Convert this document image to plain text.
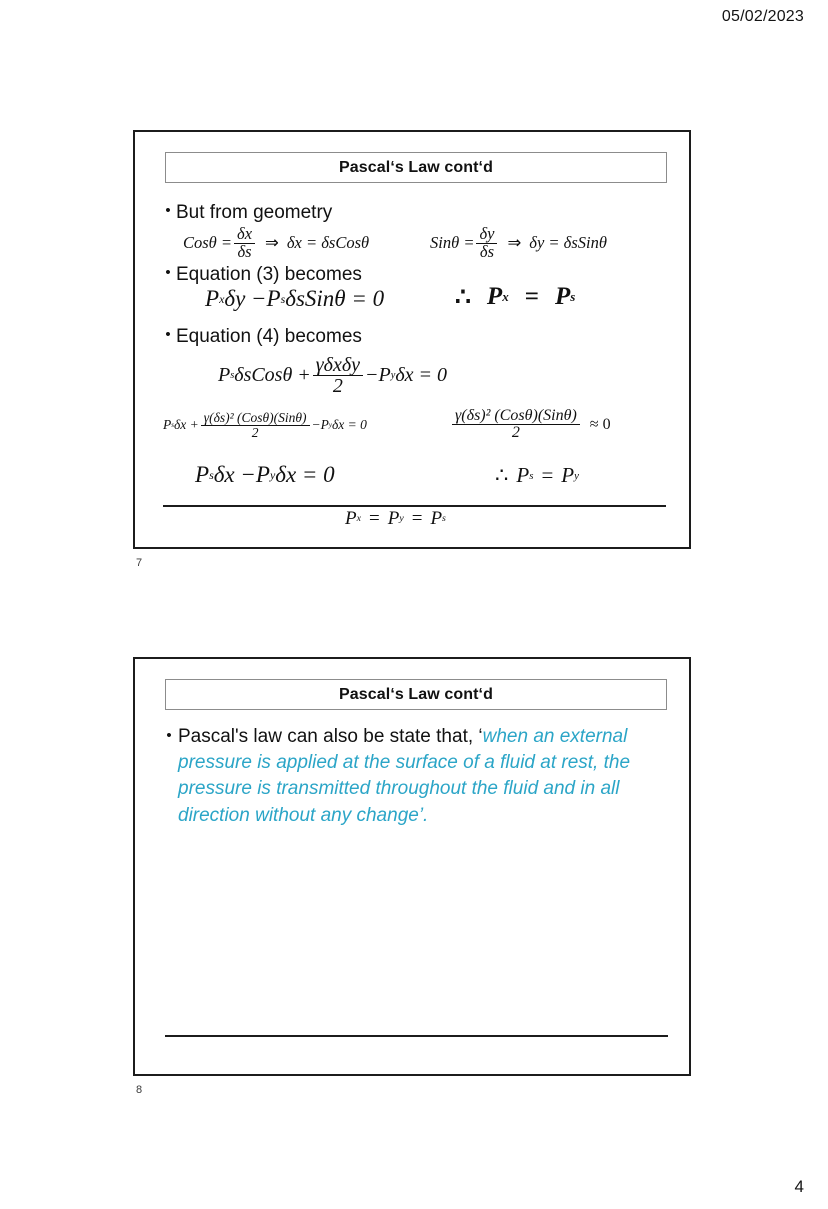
05/02/2023
4
Pascal‘s Law cont‘d
• But from geometry
• Equation (3) becomes
• Equation (4) becomes
$Cos\theta = \frac{\delta x}{\delta s}$ ⇒ δx = δsCosθ	$Sin\theta = \frac{\delta y}{\delta s}$ ⇒ δy = δsSinθ
P x δy − P s δsSinθ = 0	∴ P x = P s
P s δsCosθ + $\frac{\text{γδxδy}}{2} - P$ y δx = 0
P s $\delta x + \frac{\text{γ(δs)² (Cosθ)(Sinθ)}}{2} - P$ y δx = 0	$\frac{\text{γ(δs)² (Cosθ)(Sinθ)}}{2} \approx 0$
P s δx − P y δx = 0	∴ P s = P y
P x = P y = P s
7
Pascal‘s Law cont‘d
• Pascal's law can also be state that, ‘when an external pressure is applied at the surface of a fluid at rest, the pressure is transmitted throughout the fluid and in all direction without any change’.
8
